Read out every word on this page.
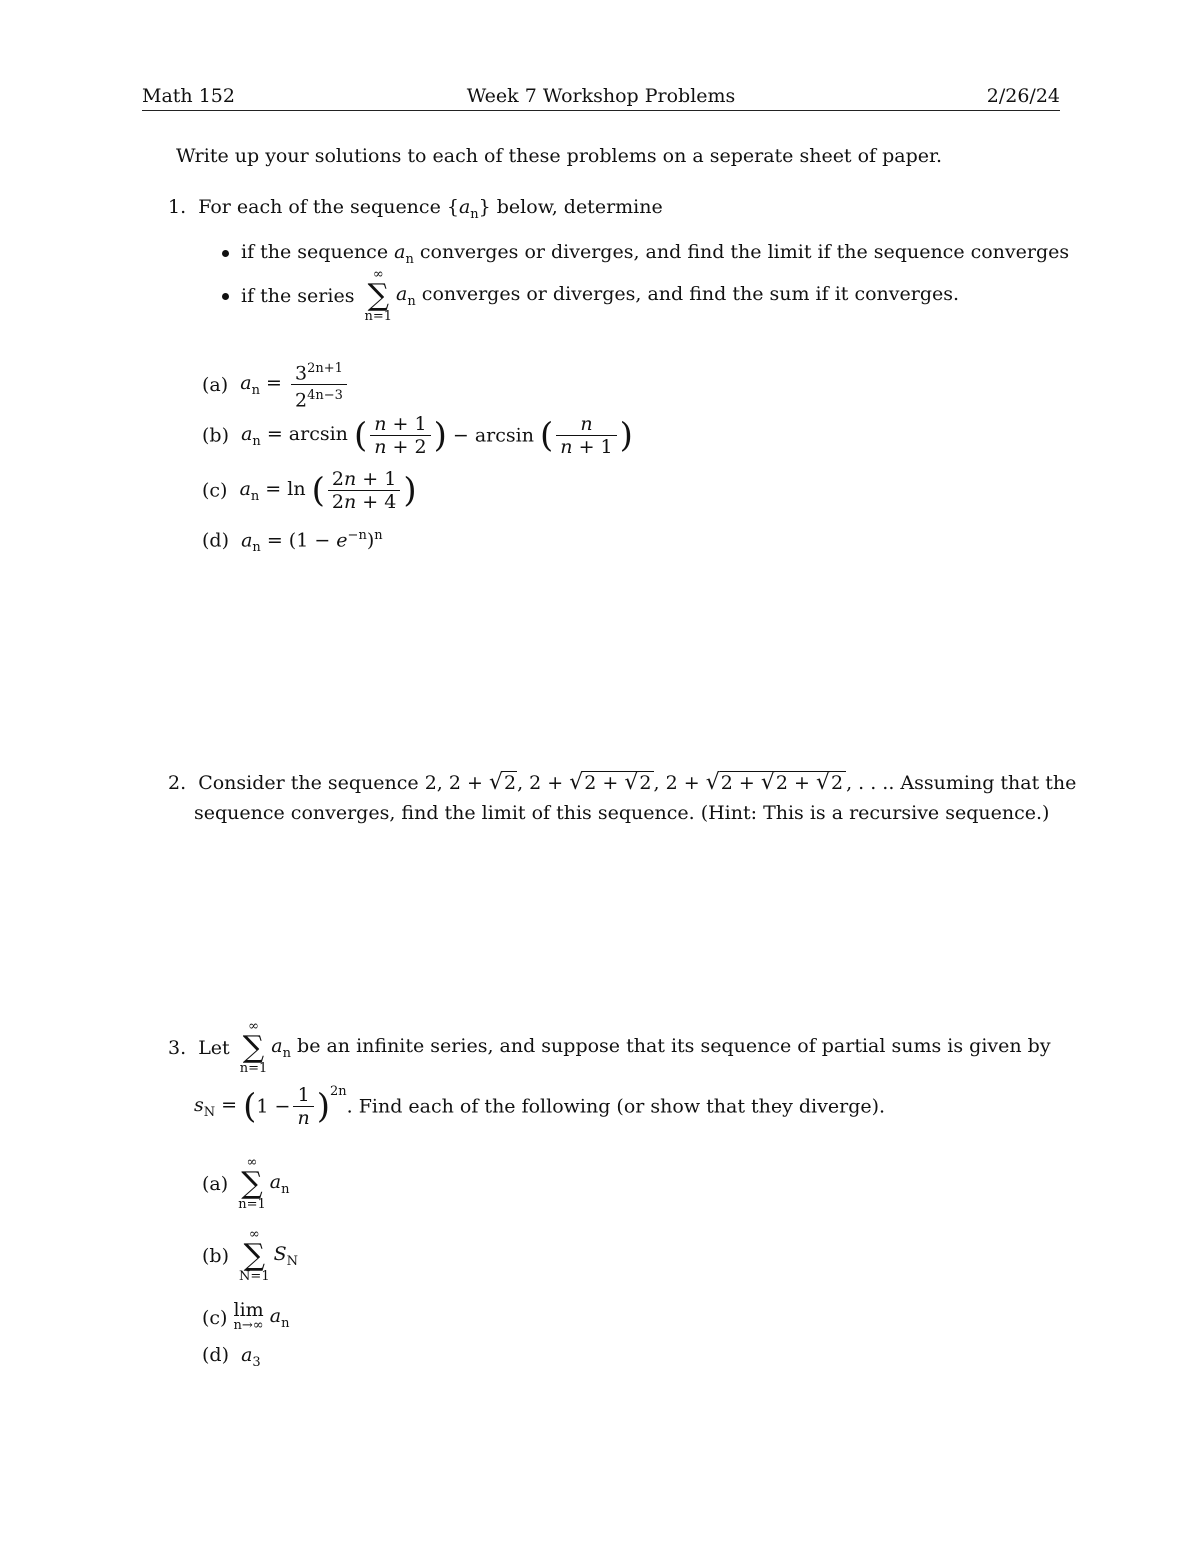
Math 152	Week 7 Workshop Problems	2/26/24
Write up your solutions to each of these problems on a seperate sheet of paper.
1. For each of the sequence $\{a_n\}$ below, determine
if the sequence $a_n$ converges or diverges, and find the limit if the sequence converges
if the series
∞
∑
n=1
$a_n$ converges or diverges, and find the sum if it converges.
(a) $a_n = \frac{3^{2n+1}}{2^{4n-3}}$
(b) $a_n = \arcsin$ ( $\frac{n + 1}{n + 2}$ ) − arcsin ( $\frac{n}{n + 1}$ )
(c) $a_n = \ln$ ( $\frac{2n + 1}{2n + 4}$ )
(d) $a_n = (1 - e^{-n})^n$
2. Consider the sequence 2, 2 + √2, 2 + √2 + √2 , 2 + √2 + √2 + √2 , . . .. Assuming that the
sequence converges, find the limit of this sequence. (Hint: This is a recursive sequence.)
3. Let
∞
∑
n=1
$a_n$ be an infinite series, and suppose that its sequence of partial sums is given by
$s_N = (1 - \frac{1}{n} )^{2n}$. Find each of the following (or show that they diverge).
(a)
∞
∑
n=1
$a_n$
(b)
∞
∑
N=1
$S_N$
(c) lim
n→∞ $a_n$
(d) $a_3$
